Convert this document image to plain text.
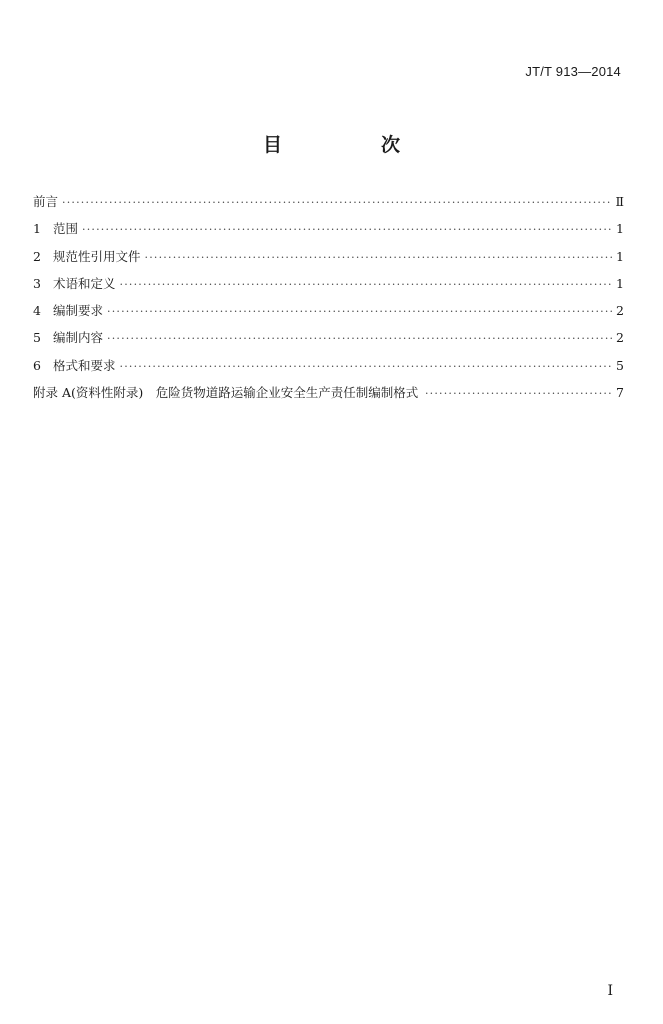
JT/T 913—2014
目　次
前言 ·····	Ⅱ
1 范围 ·····	1
2 规范性引用文件 ·····	1
3 术语和定义 ·····	1
4 编制要求 ·····	2
5 编制内容 ·····	2
6 格式和要求 ·····	5
附录 A(资料性附录)　危险货物道路运输企业安全生产责任制编制格式 ·····	7
I
